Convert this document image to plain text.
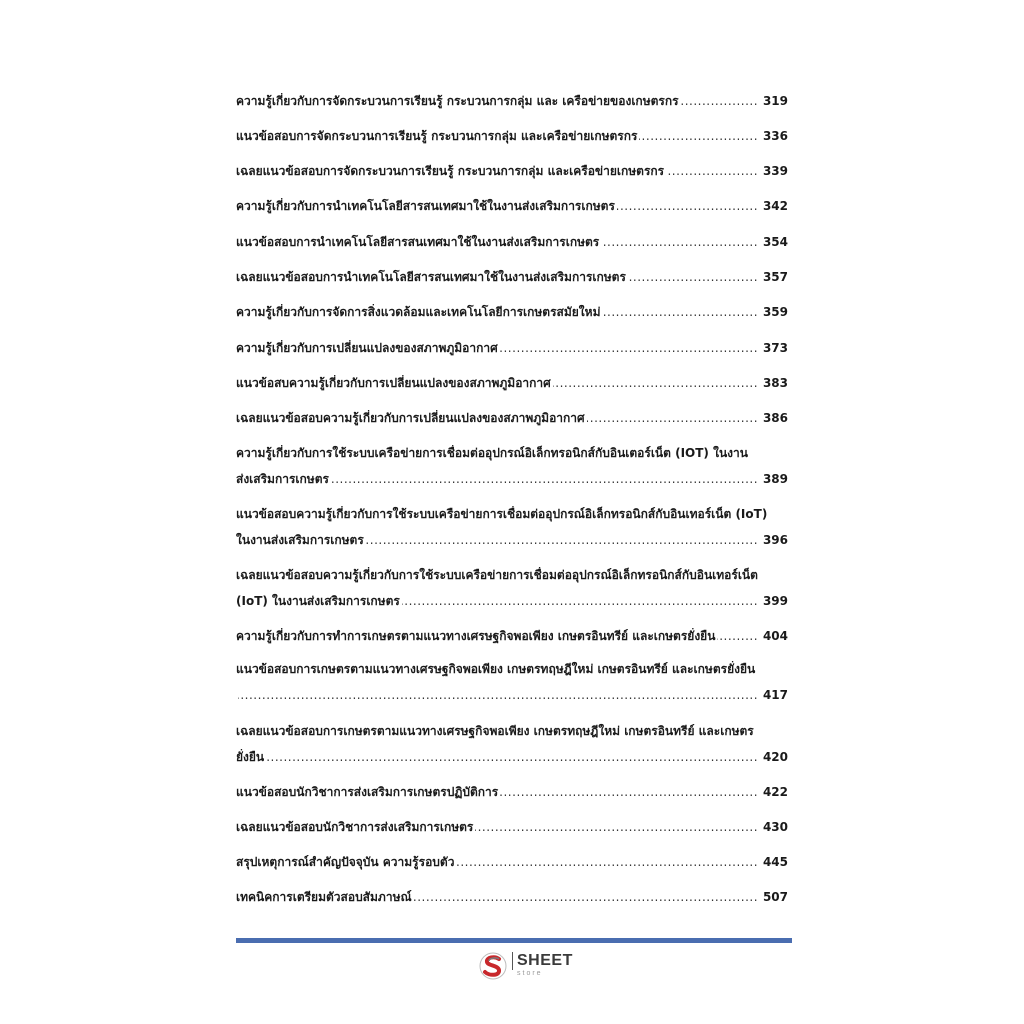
..... ความรู้เกี่ยวกับการจัดกระบวนการเรียนรู้ กระบวนการกลุ่ม และ เครือข่ายของเกษตรกร	319
..... แนวข้อสอบการจัดกระบวนการเรียนรู้ กระบวนการกลุ่ม และเครือข่ายเกษตรกร	336
..... เฉลยแนวข้อสอบการจัดกระบวนการเรียนรู้ กระบวนการกลุ่ม และเครือข่ายเกษตรกร	339
..... ความรู้เกี่ยวกับการนำเทคโนโลยีสารสนเทศมาใช้ในงานส่งเสริมการเกษตร	342
..... แนวข้อสอบการนำเทคโนโลยีสารสนเทศมาใช้ในงานส่งเสริมการเกษตร	354
..... เฉลยแนวข้อสอบการนำเทคโนโลยีสารสนเทศมาใช้ในงานส่งเสริมการเกษตร	357
..... ความรู้เกี่ยวกับการจัดการสิ่งแวดล้อมและเทคโนโลยีการเกษตรสมัยใหม่	359
..... ความรู้เกี่ยวกับการเปลี่ยนแปลงของสภาพภูมิอากาศ	373
..... แนวข้อสบความรู้เกี่ยวกับการเปลี่ยนแปลงของสภาพภูมิอากาศ	383
..... เฉลยแนวข้อสอบความรู้เกี่ยวกับการเปลี่ยนแปลงของสภาพภูมิอากาศ	386
ความรู้เกี่ยวกับการใช้ระบบเครือข่ายการเชื่อมต่ออุปกรณ์อิเล็กทรอนิกส์กับอินเตอร์เน็ต (IOT) ในงาน
..... ส่งเสริมการเกษตร	389
แนวข้อสอบความรู้เกี่ยวกับการใช้ระบบเครือข่ายการเชื่อมต่ออุปกรณ์อิเล็กทรอนิกส์กับอินเทอร์เน็ต (IoT)
..... ในงานส่งเสริมการเกษตร	396
เฉลยแนวข้อสอบความรู้เกี่ยวกับการใช้ระบบเครือข่ายการเชื่อมต่ออุปกรณ์อิเล็กทรอนิกส์กับอินเทอร์เน็ต
..... (IoT) ในงานส่งเสริมการเกษตร	399
..... ความรู้เกี่ยวกับการทำการเกษตรตามแนวทางเศรษฐกิจพอเพียง เกษตรอินทรีย์ และเกษตรยั่งยืน	404
แนวข้อสอบการเกษตรตามแนวทางเศรษฐกิจพอเพียง เกษตรทฤษฎีใหม่ เกษตรอินทรีย์ และเกษตรยั่งยืน
..... 417
เฉลยแนวข้อสอบการเกษตรตามแนวทางเศรษฐกิจพอเพียง เกษตรทฤษฎีใหม่ เกษตรอินทรีย์ และเกษตร
..... ยั่งยืน	420
..... แนวข้อสอบนักวิชาการส่งเสริมการเกษตรปฏิบัติการ	422
..... เฉลยแนวข้อสอบนักวิชาการส่งเสริมการเกษตร	430
..... สรุปเหตุการณ์สำคัญปัจจุบัน ความรู้รอบตัว	445
..... เทคนิคการเตรียมตัวสอบสัมภาษณ์	507
SHEET
store
